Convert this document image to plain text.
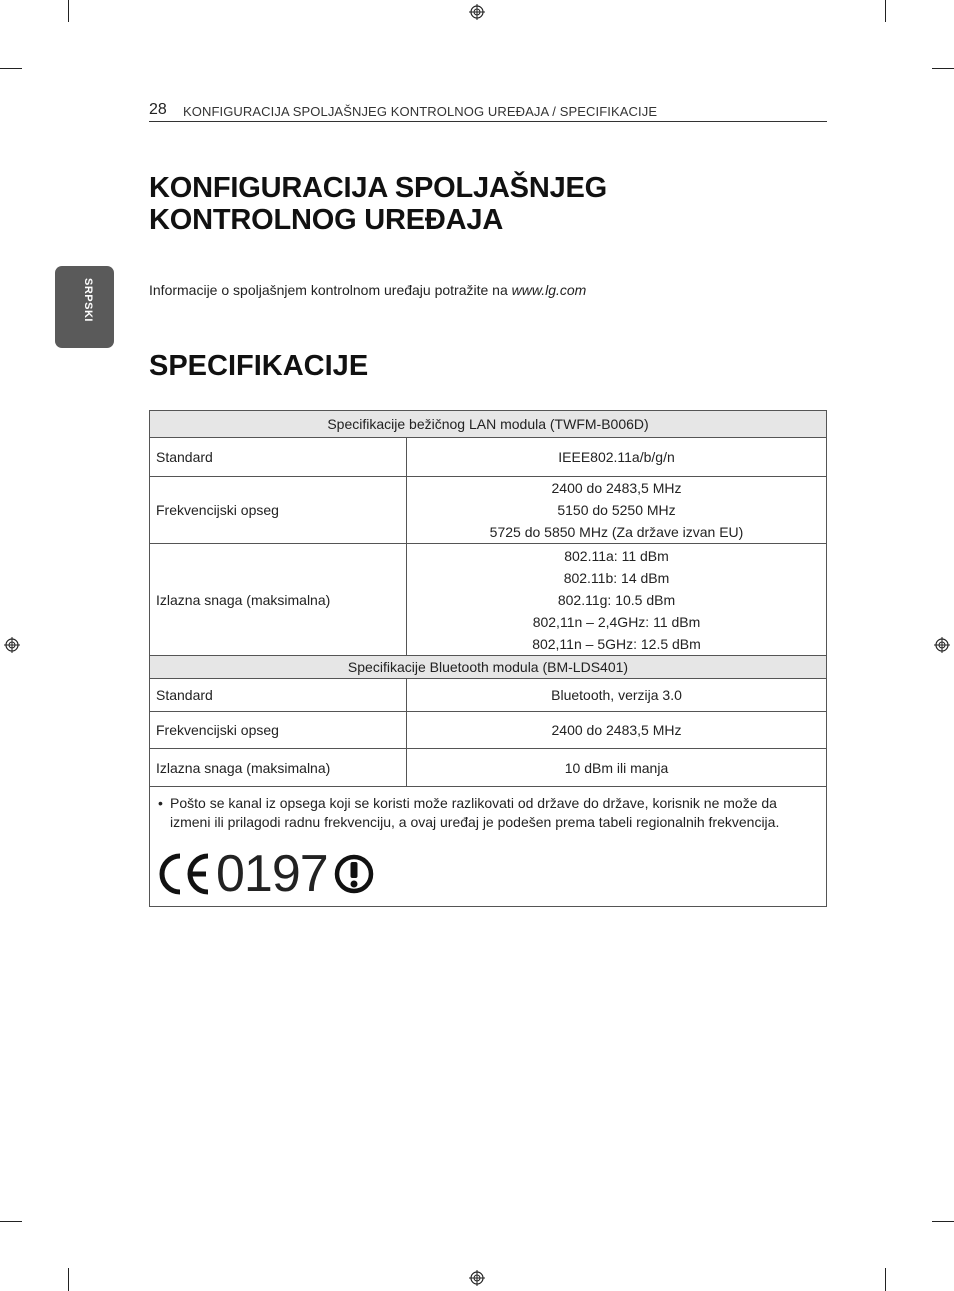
28 KONFIGURACIJA SPOLJAŠNJEG KONTROLNOG UREĐAJA / SPECIFIKACIJE
SRPSKI
KONFIGURACIJA SPOLJAŠNJEG
KONTROLNOG UREĐAJA
Informacije o spoljašnjem kontrolnom uređaju potražite na www.lg.com
SPECIFIKACIJE
Specifikacije bežičnog LAN modula (TWFM-B006D)	
Standard	IEEE802.11a/b/g/n
Frekvencijski opseg	2400 do 2483,5 MHz
5150 do 5250 MHz
5725 do 5850 MHz (Za države izvan EU)

Izlazna snaga (maksimalna)	802.11a: 11 dBm
802.11b: 14 dBm
802.11g: 10.5 dBm
802,11n – 2,4GHz: 11 dBm
802,11n – 5GHz: 12.5 dBm

Specifikacije Bluetooth modula (BM-LDS401)	
Standard	Bluetooth, verzija 3.0
Frekvencijski opseg	2400 do 2483,5 MHz
Izlazna snaga (maksimalna)	10 dBm ili manja

• Pošto se kanal iz opsega koji se koristi može razlikovati od države do države, korisnik ne može da
izmeni ili prilagodi radnu frekvenciju, a ovaj uređaj je podešen prema tabeli regionalnih frekvencija.
0197	
